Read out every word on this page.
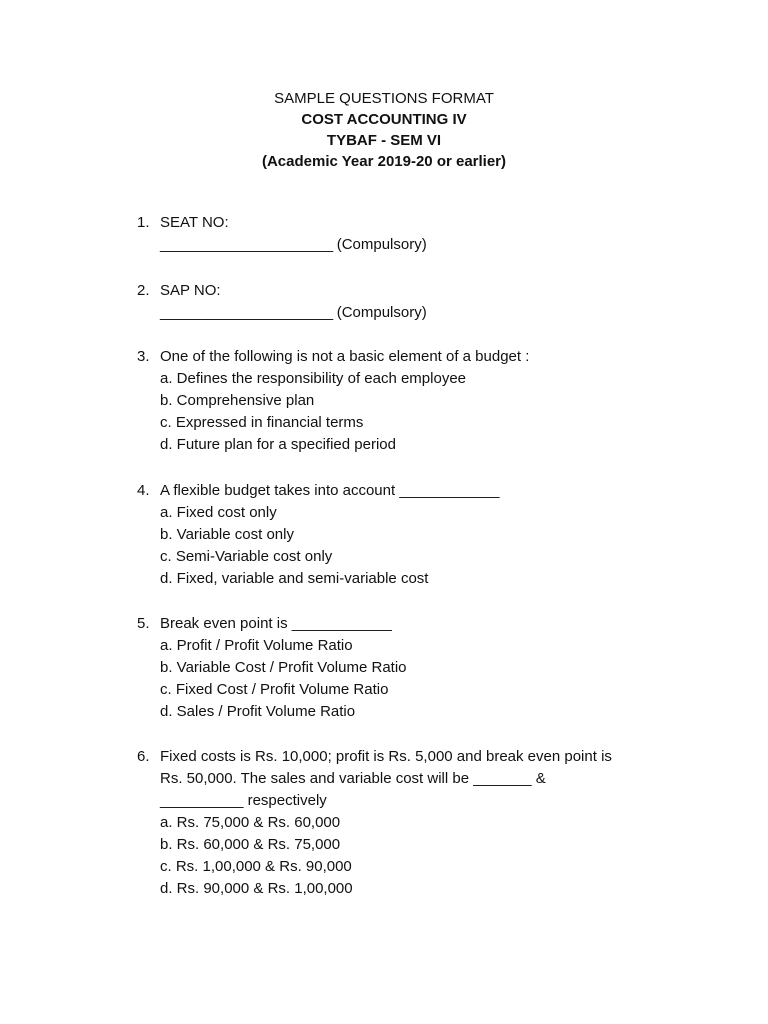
SAMPLE QUESTIONS FORMAT
COST ACCOUNTING IV
TYBAF - SEM VI
(Academic Year 2019-20 or earlier)
1. SEAT NO:
______________________ (Compulsory)
2. SAP NO:
______________________ (Compulsory)
3. One of the following is not a basic element of a budget :
a. Defines the responsibility of each employee
b. Comprehensive plan
c. Expressed in financial terms
d. Future plan for a specified period
4. A flexible budget takes into account ____________
a. Fixed cost only
b. Variable cost only
c. Semi-Variable cost only
d. Fixed, variable and semi-variable cost
5. Break even point is ____________
a. Profit / Profit Volume Ratio
b. Variable Cost / Profit Volume Ratio
c. Fixed Cost / Profit Volume Ratio
d. Sales / Profit Volume Ratio
6. Fixed costs is Rs. 10,000; profit is Rs. 5,000 and break even point is
Rs. 50,000. The sales and variable cost will be _______ &
__________ respectively
a. Rs. 75,000 & Rs. 60,000
b. Rs. 60,000 & Rs. 75,000
c. Rs. 1,00,000 & Rs. 90,000
d. Rs. 90,000 & Rs. 1,00,000
